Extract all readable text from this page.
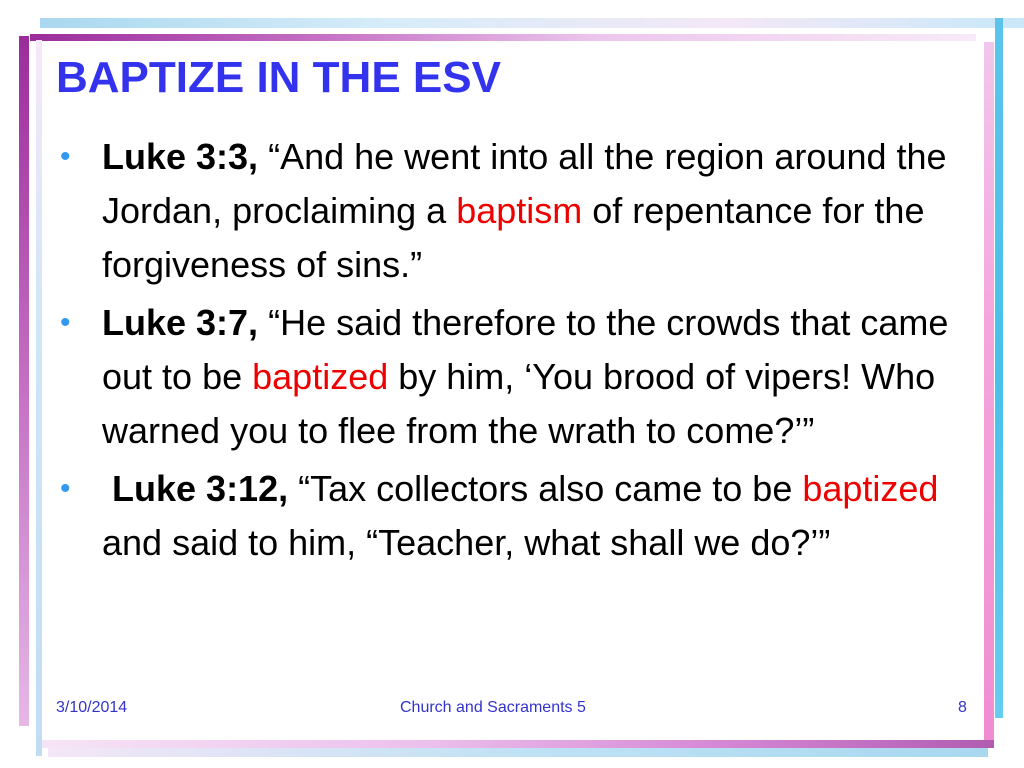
BAPTIZE IN THE ESV
• Luke 3:3, “And he went into all the region around the Jordan, proclaiming a baptism of repentance for the forgiveness of sins.”
• Luke 3:7, “He said therefore to the crowds that came out to be baptized by him, ‘You brood of vipers! Who warned you to flee from the wrath to come?’”
• Luke 3:12, “Tax collectors also came to be baptized and said to him, “Teacher, what shall we do?’”
3/10/2014	Church and Sacraments 5	8
